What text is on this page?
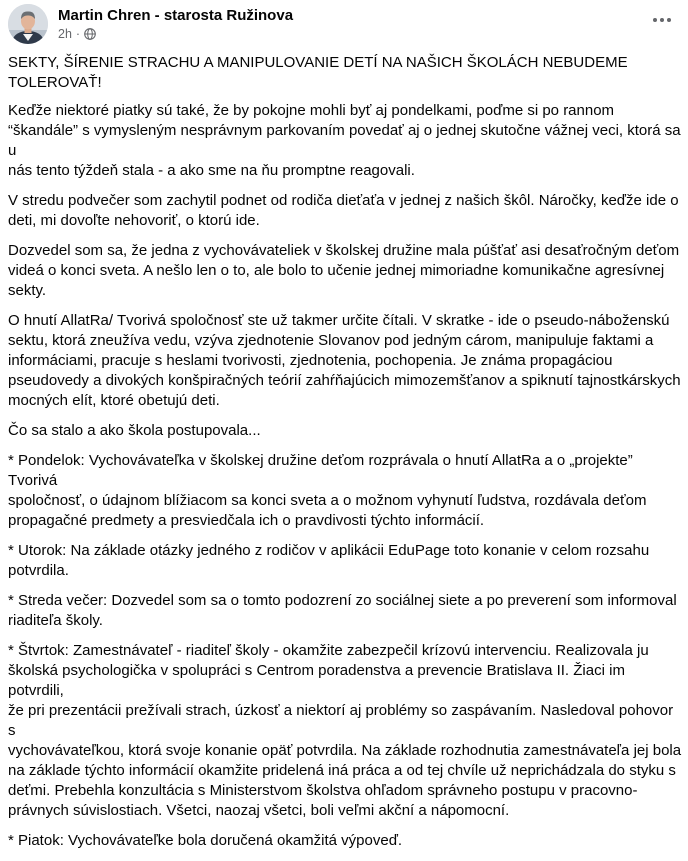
Martin Chren - starosta Ružinova
2h ·

SEKTY, ŠÍRENIE STRACHU A MANIPULOVANIE DETÍ NA NAŠICH ŠKOLÁCH NEBUDEME TOLEROVAŤ!

Keďže niektoré piatky sú také, že by pokojne mohli byť aj pondelkami, poďme si po rannom
“škandále” s vymysleným nesprávnym parkovaním povedať aj o jednej skutočne vážnej veci, ktorá sa u
nás tento týždeň stala - a ako sme na ňu promptne reagovali.

V stredu podvečer som zachytil podnet od rodiča dieťaťa v jednej z našich škôl. Náročky, keďže ide o
deti, mi dovoľte nehovoriť, o ktorú ide.

Dozvedel som sa, že jedna z vychovávateliek v školskej družine mala púšťať asi desaťročným deťom
videá o konci sveta. A nešlo len o to, ale bolo to učenie jednej mimoriadne komunikačne agresívnej
sekty.

O hnutí AllatRa/ Tvorivá spoločnosť ste už takmer určite čítali. V skratke - ide o pseudo-náboženskú
sektu, ktorá zneužíva vedu, vzýva zjednotenie Slovanov pod jedným cárom, manipuluje faktami a
informáciami, pracuje s heslami tvorivosti, zjednotenia, pochopenia. Je známa propagáciou
pseudovedy a divokých konšpiračných teórií zahŕňajúcich mimozemšťanov a spiknutí tajnostkárskych
mocných elít, ktoré obetujú deti.

Čo sa stalo a ako škola postupovala...

* Pondelok: Vychovávateľka v školskej družine deťom rozprávala o hnutí AllatRa a o „projekte” Tvorivá
spoločnosť, o údajnom blížiacom sa konci sveta a o možnom vyhynutí ľudstva, rozdávala deťom
propagačné predmety a presviedčala ich o pravdivosti týchto informácií.

* Utorok: Na základe otázky jedného z rodičov v aplikácii EduPage toto konanie v celom rozsahu
potvrdila.

* Streda večer: Dozvedel som sa o tomto podozrení zo sociálnej siete a po preverení som informoval
riaditeľa školy.

* Štvrtok: Zamestnávateľ - riaditeľ školy - okamžite zabezpečil krízovú intervenciu. Realizovala ju
školská psychologička v spolupráci s Centrom poradenstva a prevencie Bratislava II. Žiaci im potvrdili,
že pri prezentácii prežívali strach, úzkosť a niektorí aj problémy so zaspávaním. Nasledoval pohovor s
vychovávateľkou, ktorá svoje konanie opäť potvrdila. Na základe rozhodnutia zamestnávateľa jej bola
na základe týchto informácií okamžite pridelená iná práca a od tej chvíle už neprichádzala do styku s
deťmi. Prebehla konzultácia s Ministerstvom školstva ohľadom správneho postupu v pracovno-
právnych súvislostiach. Všetci, naozaj všetci, boli veľmi akční a nápomocní.

* Piatok: Vychovávateľke bola doručená okamžitá výpoveď.
